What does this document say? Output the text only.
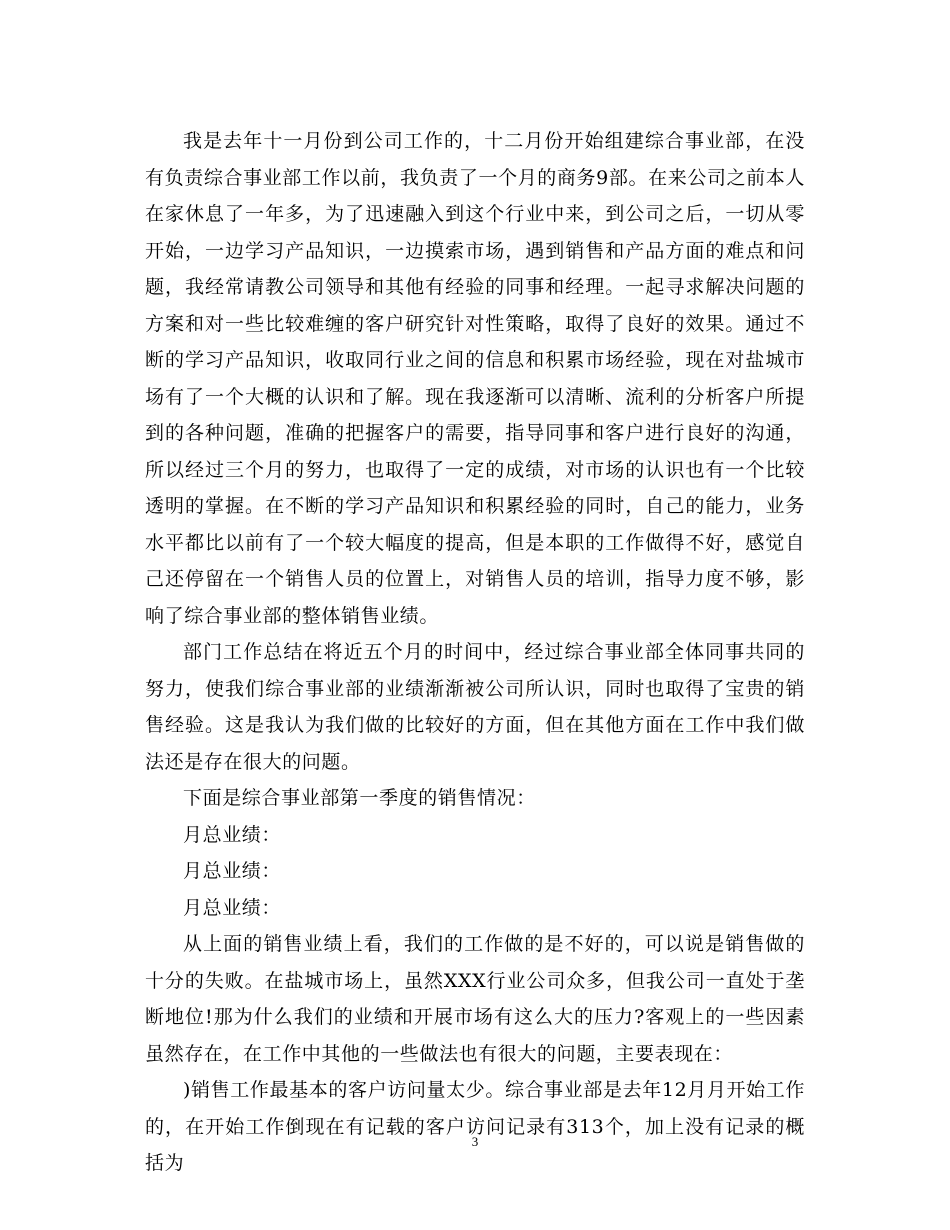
我是去年十一月份到公司工作的，十二月份开始组建综合事业部，在没有负责综合事业部工作以前，我负责了一个月的商务9部。在来公司之前本人在家休息了一年多，为了迅速融入到这个行业中来，到公司之后，一切从零开始，一边学习产品知识，一边摸索市场，遇到销售和产品方面的难点和问题，我经常请教公司领导和其他有经验的同事和经理。一起寻求解决问题的方案和对一些比较难缠的客户研究针对性策略，取得了良好的效果。通过不断的学习产品知识，收取同行业之间的信息和积累市场经验，现在对盐城市场有了一个大概的认识和了解。现在我逐渐可以清晰、流利的分析客户所提到的各种问题，准确的把握客户的需要，指导同事和客户进行良好的沟通，所以经过三个月的努力，也取得了一定的成绩，对市场的认识也有一个比较透明的掌握。在不断的学习产品知识和积累经验的同时，自己的能力，业务水平都比以前有了一个较大幅度的提高，但是本职的工作做得不好，感觉自己还停留在一个销售人员的位置上，对销售人员的培训，指导力度不够，影响了综合事业部的整体销售业绩。

部门工作总结在将近五个月的时间中，经过综合事业部全体同事共同的努力，使我们综合事业部的业绩渐渐被公司所认识，同时也取得了宝贵的销售经验。这是我认为我们做的比较好的方面，但在其他方面在工作中我们做法还是存在很大的问题。

下面是综合事业部第一季度的销售情况：

月总业绩：

月总业绩：

月总业绩：

从上面的销售业绩上看，我们的工作做的是不好的，可以说是销售做的十分的失败。在盐城市场上，虽然XXX行业公司众多，但我公司一直处于垄断地位!那为什么我们的业绩和开展市场有这么大的压力?客观上的一些因素虽然存在，在工作中其他的一些做法也有很大的问题，主要表现在：

)销售工作最基本的客户访问量太少。综合事业部是去年12月月开始工作的，在开始工作倒现在有记载的客户访问记录有313个，加上没有记录的概括为

3
